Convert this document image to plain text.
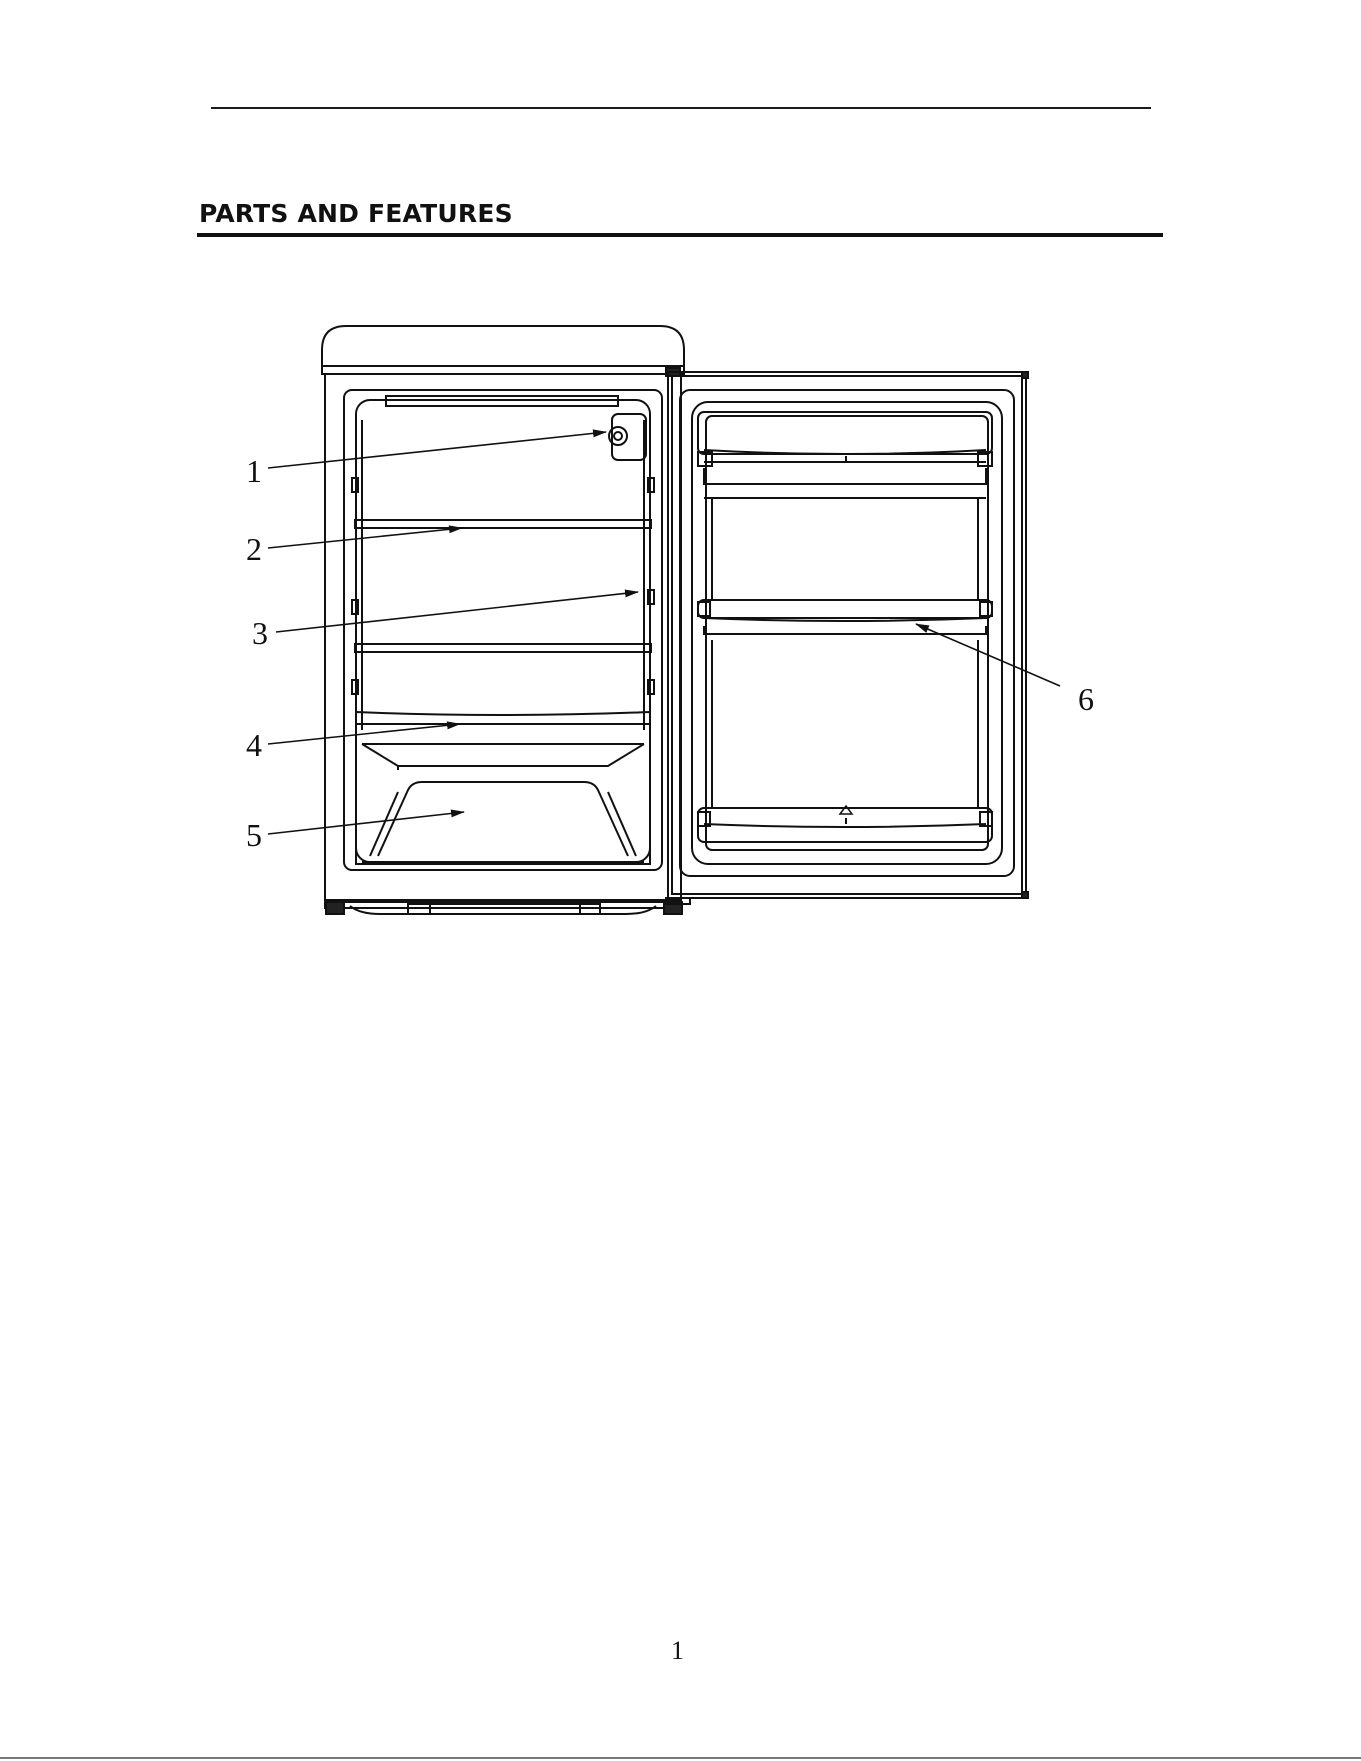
PARTS AND FEATURES
1
2
3
4
5
6
1
